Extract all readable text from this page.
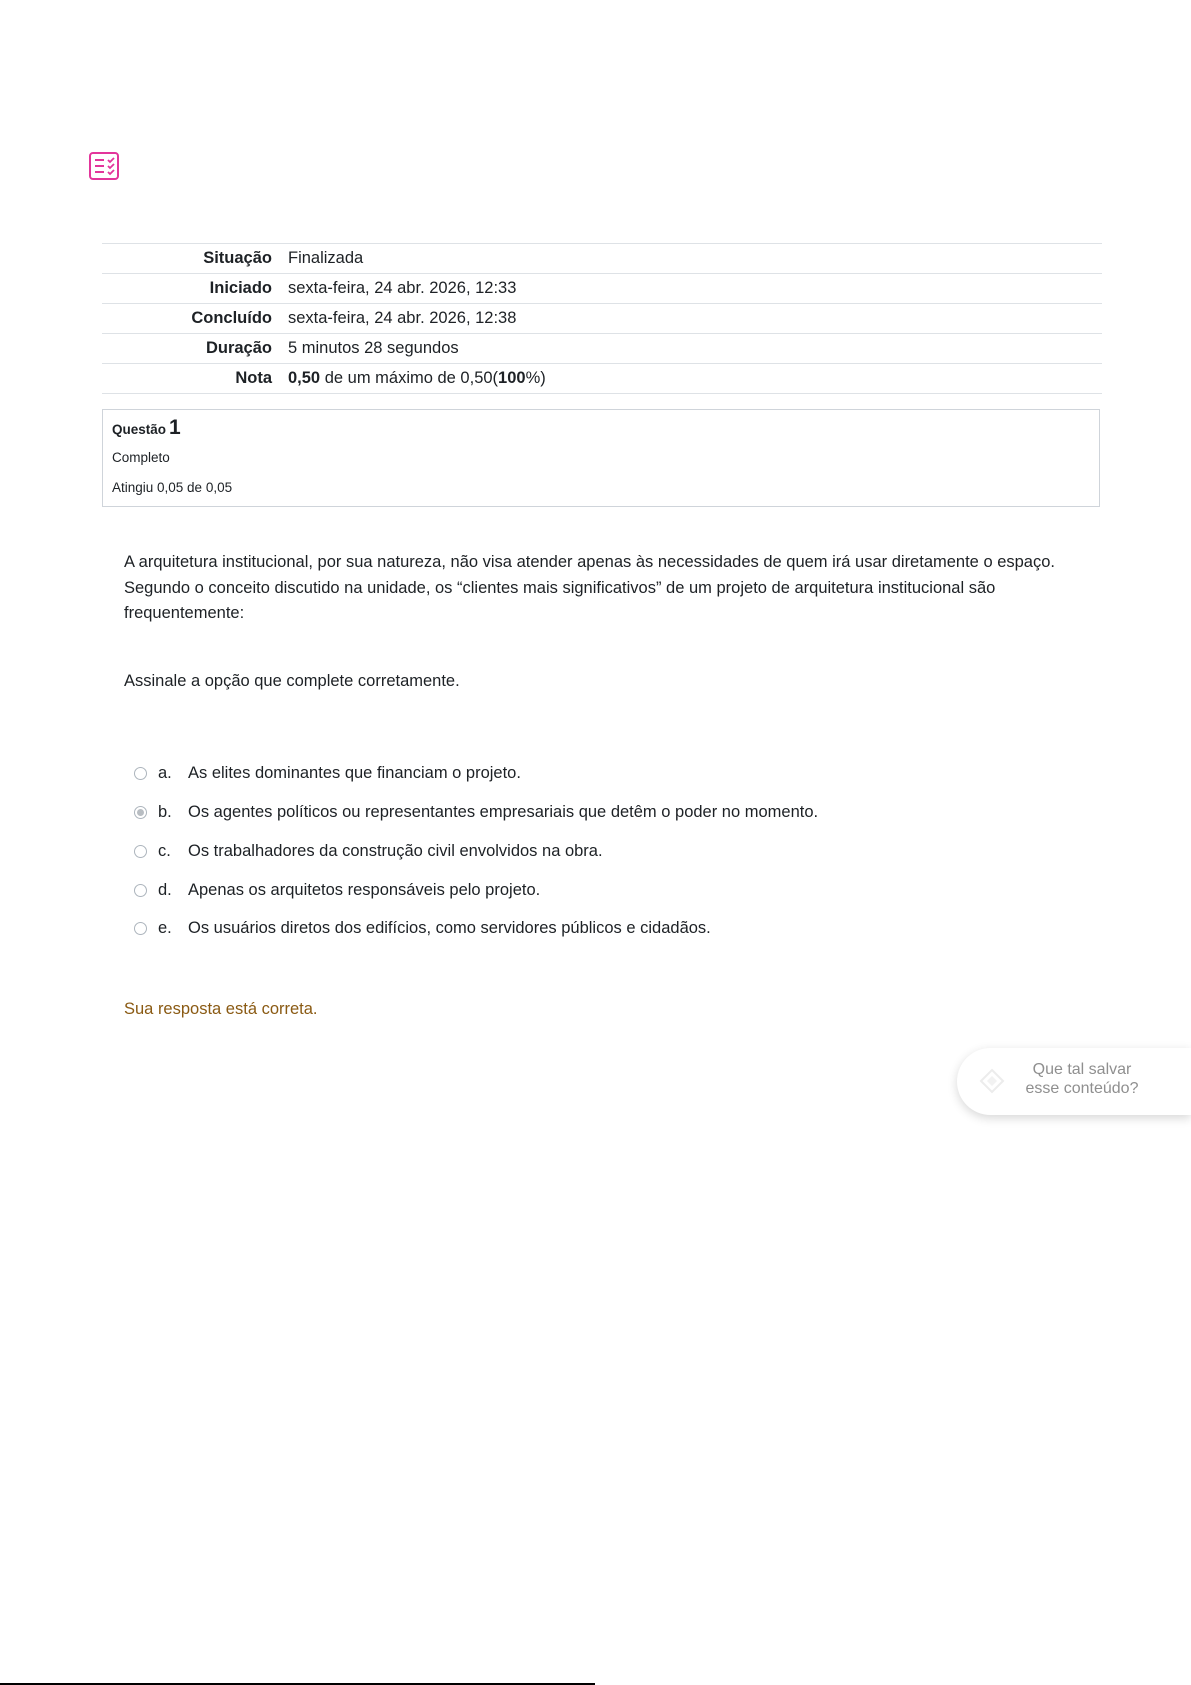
Situação	Finalizada
Iniciado	sexta-feira, 24 abr. 2026, 12:33
Concluído	sexta-feira, 24 abr. 2026, 12:38
Duração	5 minutos 28 segundos
Nota	0,50 de um máximo de 0,50(100%)
Questão 1
Completo
Atingiu 0,05 de 0,05
A arquitetura institucional, por sua natureza, não visa atender apenas às necessidades de quem irá usar diretamente o espaço. Segundo o conceito discutido na unidade, os “clientes mais significativos” de um projeto de arquitetura institucional são frequentemente:
Assinale a opção que complete corretamente.
a. As elites dominantes que financiam o projeto.
b. Os agentes políticos ou representantes empresariais que detêm o poder no momento.
c. Os trabalhadores da construção civil envolvidos na obra.
d. Apenas os arquitetos responsáveis pelo projeto.
e. Os usuários diretos dos edifícios, como servidores públicos e cidadãos.
Sua resposta está correta.
Que tal salvar
esse conteúdo?
